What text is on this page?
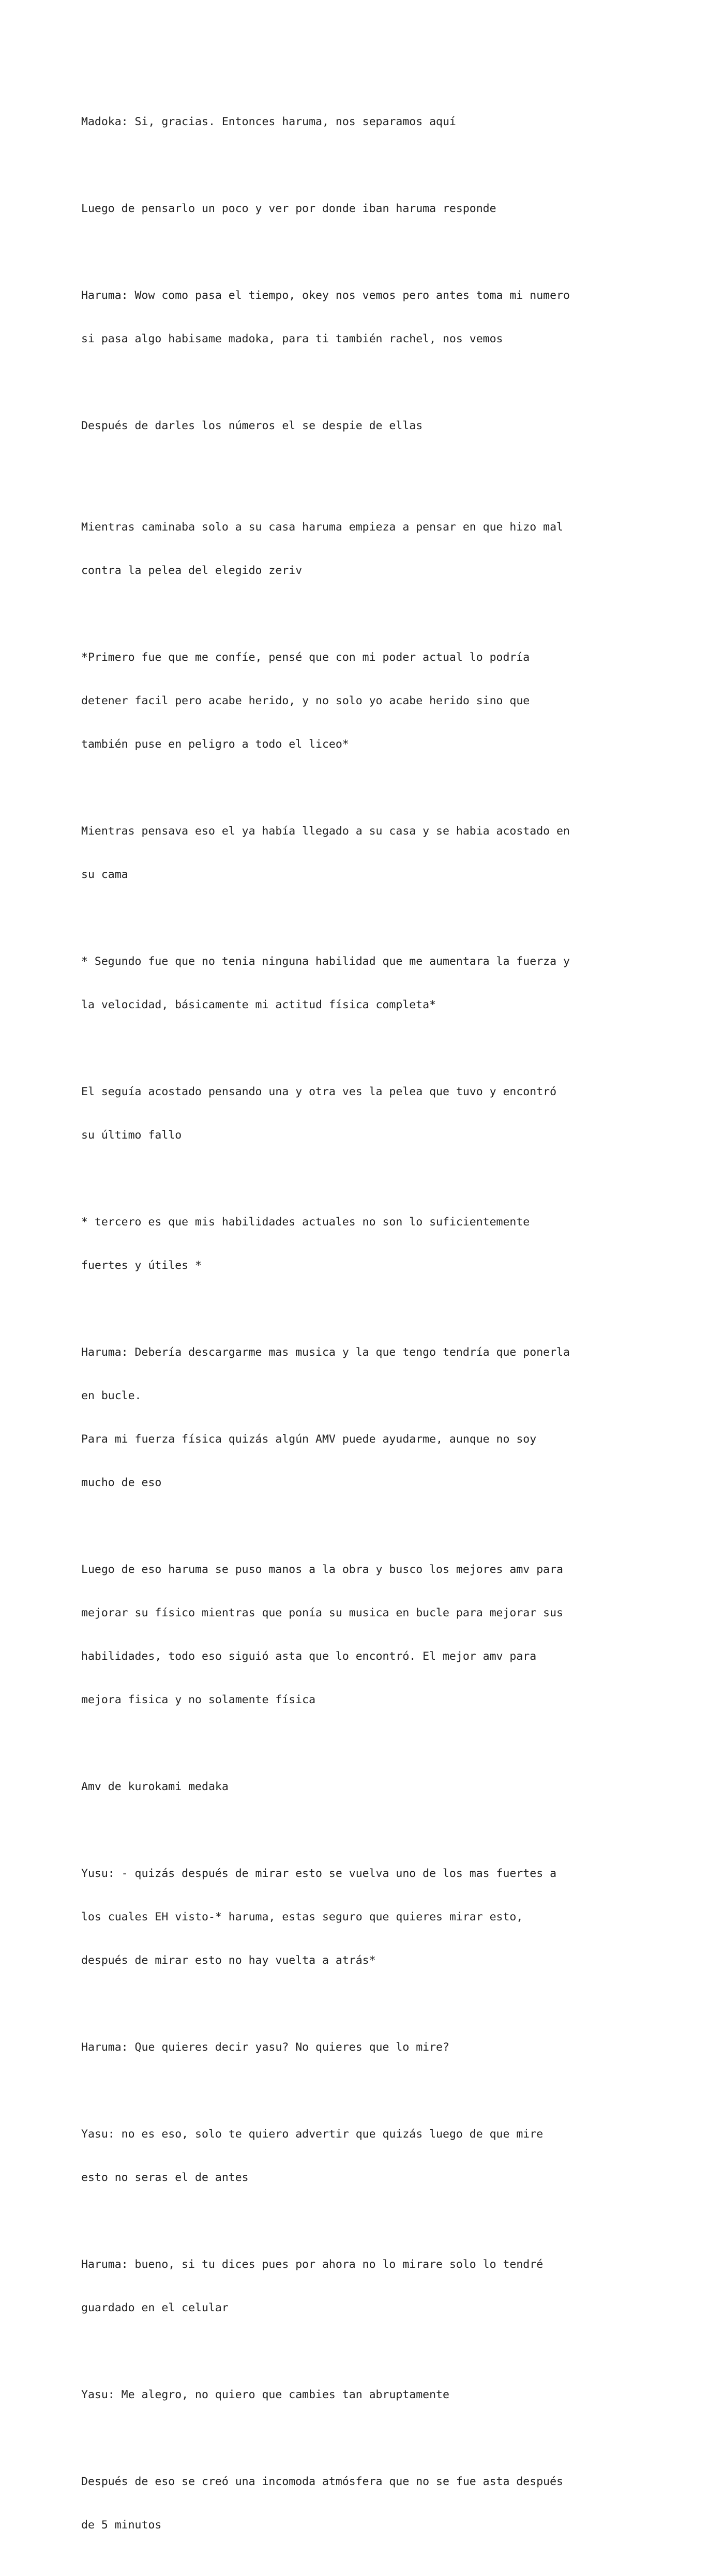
Madoka: Si, gracias. Entonces haruma, nos separamos aquí

Luego de pensarlo un poco y ver por donde iban haruma responde

Haruma: Wow como pasa el tiempo, okey nos vemos pero antes toma mi numero

si pasa algo habisame madoka, para ti también rachel, nos vemos

Después de darles los números el se despie de ellas

Mientras caminaba solo a su casa haruma empieza a pensar en que hizo mal

contra la pelea del elegido zeriv

*Primero fue que me confíe, pensé que con mi poder actual lo podría

detener facil pero acabe herido, y no solo yo acabe herido sino que

también puse en peligro a todo el liceo*

Mientras pensava eso el ya había llegado a su casa y se habia acostado en

su cama

* Segundo fue que no tenia ninguna habilidad que me aumentara la fuerza y

la velocidad, básicamente mi actitud física completa*

El seguía acostado pensando una y otra ves la pelea que tuvo y encontró

su último fallo

* tercero es que mis habilidades actuales no son lo suficientemente

fuertes y útiles *

Haruma: Debería descargarme mas musica y la que tengo tendría que ponerla

en bucle.

Para mi fuerza física quizás algún AMV puede ayudarme, aunque no soy

mucho de eso

Luego de eso haruma se puso manos a la obra y busco los mejores amv para

mejorar su físico mientras que ponía su musica en bucle para mejorar sus

habilidades, todo eso siguió asta que lo encontró. El mejor amv para

mejora fisica y no solamente física

Amv de kurokami medaka

Yusu: - quizás después de mirar esto se vuelva uno de los mas fuertes a

los cuales EH visto-* haruma, estas seguro que quieres mirar esto,

después de mirar esto no hay vuelta a atrás*

Haruma: Que quieres decir yasu? No quieres que lo mire?

Yasu: no es eso, solo te quiero advertir que quizás luego de que mire

esto no seras el de antes

Haruma: bueno, si tu dices pues por ahora no lo mirare solo lo tendré

guardado en el celular

Yasu: Me alegro, no quiero que cambies tan abruptamente

Después de eso se creó una incomoda atmósfera que no se fue asta después

de 5 minutos
